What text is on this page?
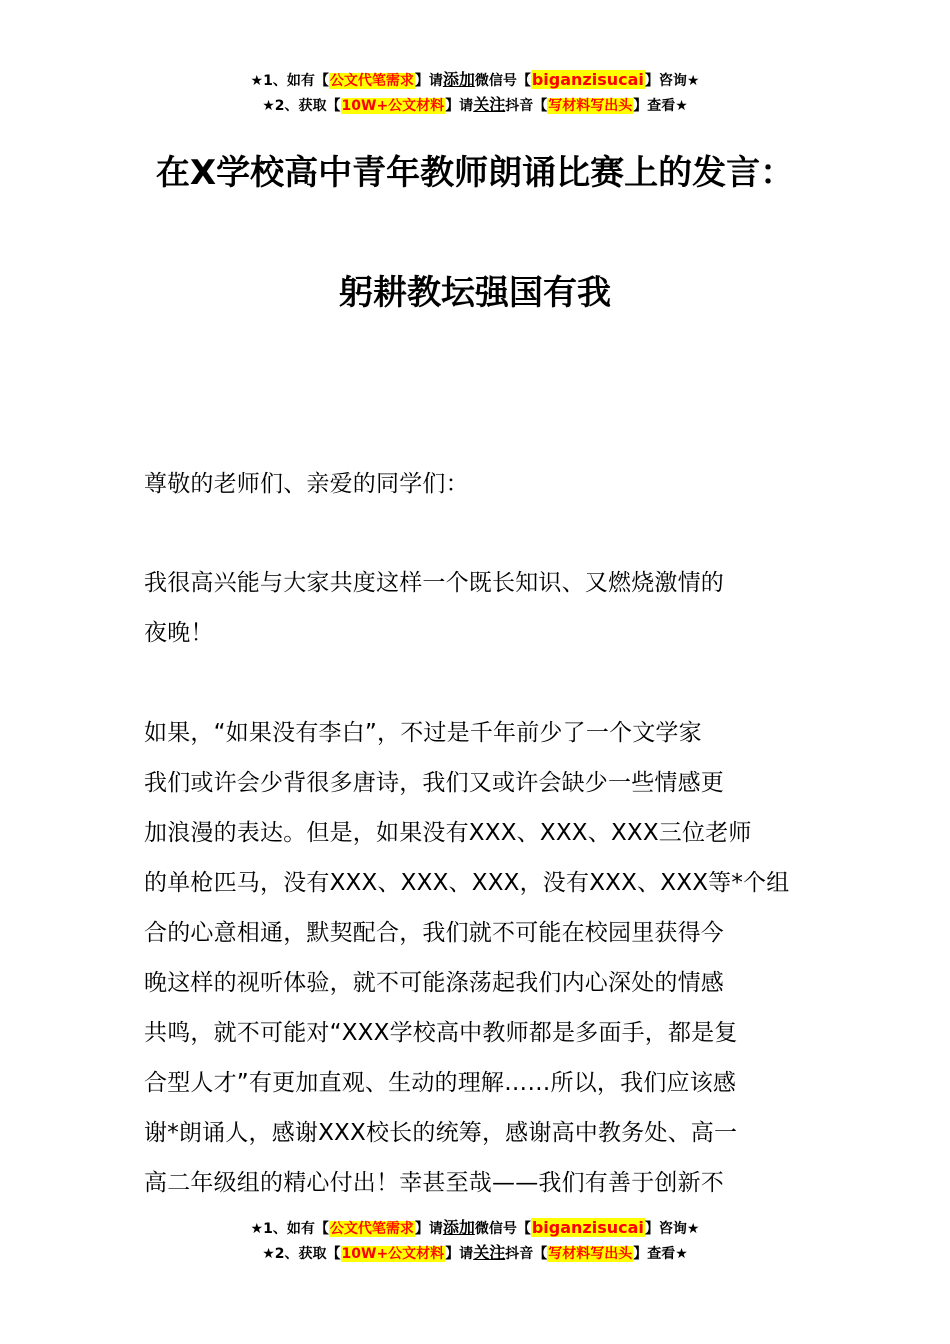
★1、如有【公文代笔需求】请添加微信号【biganzisucai】咨询★
★2、获取【10W+公文材料】请关注抖音【写材料写出头】查看★
在X学校高中青年教师朗诵比赛上的发言：
躬耕教坛强国有我
尊敬的老师们、亲爱的同学们：
我很高兴能与大家共度这样一个既长知识、又燃烧激情的
夜晚！
如果，“如果没有李白”，不过是千年前少了一个文学家
我们或许会少背很多唐诗，我们又或许会缺少一些情感更
加浪漫的表达。但是，如果没有XXX、XXX、XXX三位老师
的单枪匹马，没有XXX、XXX、XXX，没有XXX、XXX等*个组
合的心意相通，默契配合，我们就不可能在校园里获得今
晚这样的视听体验，就不可能涤荡起我们内心深处的情感
共鸣，就不可能对“XXX学校高中教师都是多面手，都是复
合型人才”有更加直观、生动的理解……所以，我们应该感
谢*朗诵人，感谢XXX校长的统筹，感谢高中教务处、高一
高二年级组的精心付出！幸甚至哉——我们有善于创新不
★1、如有【公文代笔需求】请添加微信号【biganzisucai】咨询★
★2、获取【10W+公文材料】请关注抖音【写材料写出头】查看★
